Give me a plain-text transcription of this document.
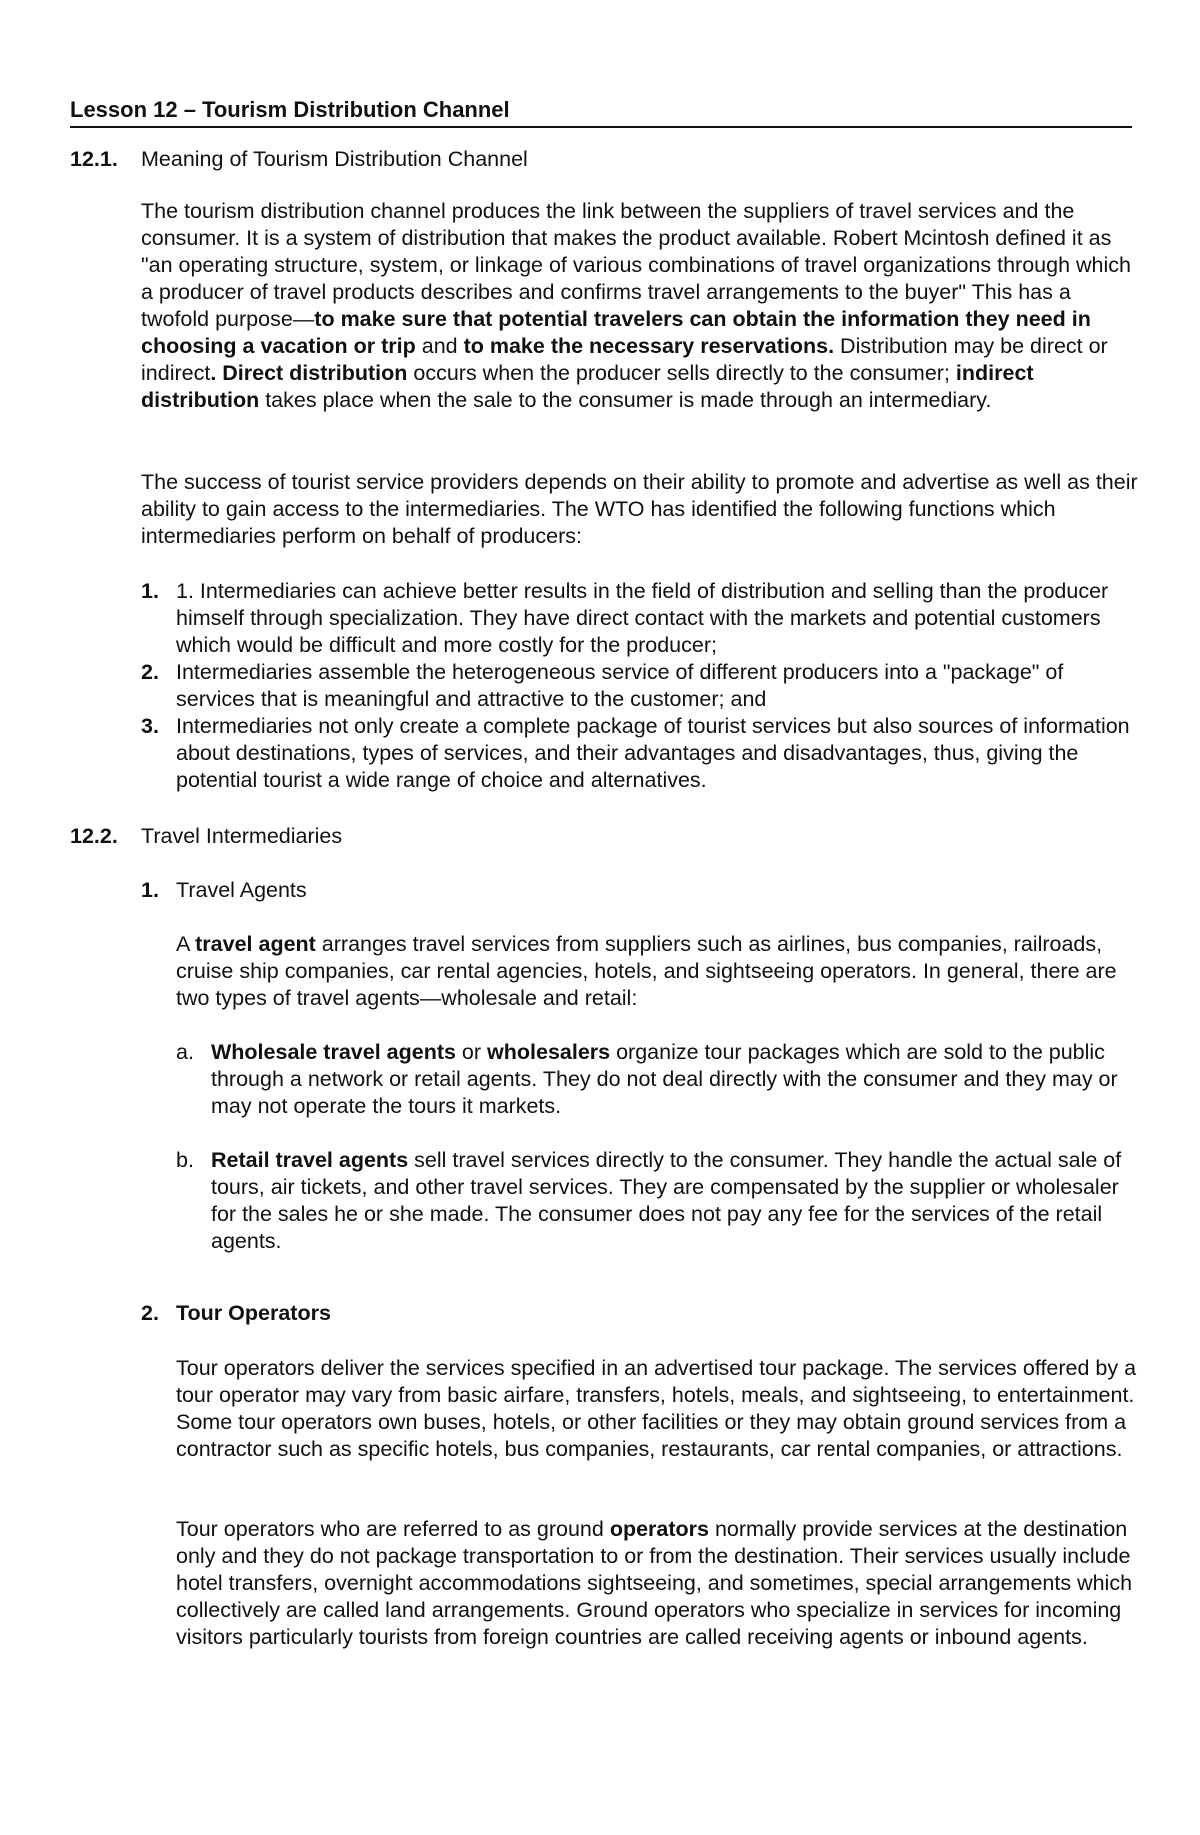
Lesson 12 – Tourism Distribution Channel
12.1. Meaning of Tourism Distribution Channel

The tourism distribution channel produces the link between the suppliers of travel services and the consumer. It is a system of distribution that makes the product available. Robert Mcintosh defined it as "an operating structure, system, or linkage of various combinations of travel organizations through which a producer of travel products describes and confirms travel arrangements to the buyer" This has a twofold purpose—to make sure that potential travelers can obtain the information they need in choosing a vacation or trip and to make the necessary reservations. Distribution may be direct or indirect. Direct distribution occurs when the producer sells directly to the consumer; indirect distribution takes place when the sale to the consumer is made through an intermediary.

The success of tourist service providers depends on their ability to promote and advertise as well as their ability to gain access to the intermediaries. The WTO has identified the following functions which intermediaries perform on behalf of producers:

1. 1. Intermediaries can achieve better results in the field of distribution and selling than the producer himself through specialization. They have direct contact with the markets and potential customers which would be difficult and more costly for the producer;
2. Intermediaries assemble the heterogeneous service of different producers into a "package" of services that is meaningful and attractive to the customer; and
3. Intermediaries not only create a complete package of tourist services but also sources of information about destinations, types of services, and their advantages and disadvantages, thus, giving the potential tourist a wide range of choice and alternatives.
12.2. Travel Intermediaries
1. Travel Agents

A travel agent arranges travel services from suppliers such as airlines, bus companies, railroads, cruise ship companies, car rental agencies, hotels, and sightseeing operators. In general, there are two types of travel agents—wholesale and retail:

a. Wholesale travel agents or wholesalers organize tour packages which are sold to the public through a network or retail agents. They do not deal directly with the consumer and they may or may not operate the tours it markets.
b. Retail travel agents sell travel services directly to the consumer. They handle the actual sale of tours, air tickets, and other travel services. They are compensated by the supplier or wholesaler for the sales he or she made. The consumer does not pay any fee for the services of the retail agents.
2. Tour Operators

Tour operators deliver the services specified in an advertised tour package. The services offered by a tour operator may vary from basic airfare, transfers, hotels, meals, and sightseeing, to entertainment. Some tour operators own buses, hotels, or other facilities or they may obtain ground services from a contractor such as specific hotels, bus companies, restaurants, car rental companies, or attractions.

Tour operators who are referred to as ground operators normally provide services at the destination only and they do not package transportation to or from the destination. Their services usually include hotel transfers, overnight accommodations sightseeing, and sometimes, special arrangements which collectively are called land arrangements. Ground operators who specialize in services for incoming visitors particularly tourists from foreign countries are called receiving agents or inbound agents.
